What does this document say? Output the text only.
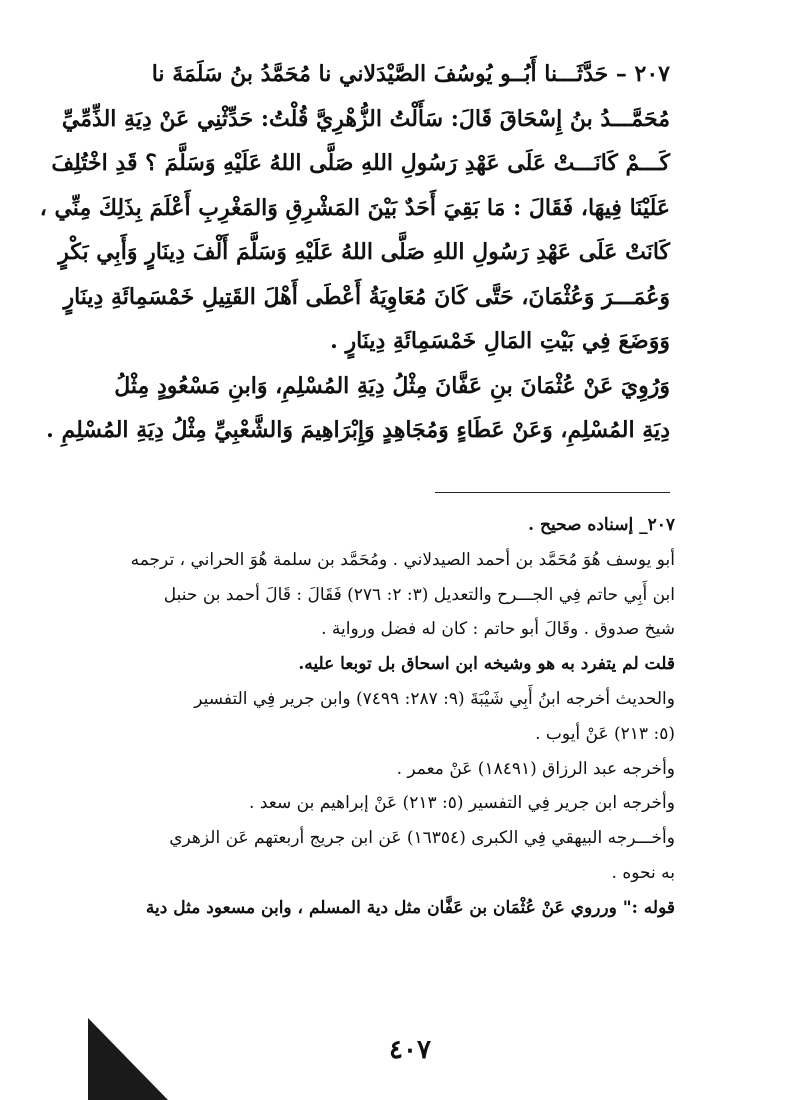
٢٠٧ – حَدَّثَـــنا أَبُــو يُوسُفَ الصَّيْدَلاني نا مُحَمَّدُ بنُ سَلَمَةَ نا
مُحَمَّـــدُ بنُ إِسْحَاقَ قَالَ: سَأَلْتُ الزُّهْرِيَّ قُلْتُ: حَدِّثْنِي عَنْ دِيَةِ الذِّمِّيِّ
كَـــمْ كَانَـــتْ عَلَى عَهْدِ رَسُولِ اللهِ صَلَّى اللهُ عَلَيْهِ وَسَلَّمَ ؟ قَدِ اخْتُلِفَ
عَلَيْنَا فِيهَا، فَقَالَ : مَا بَقِيَ أَحَدٌ بَيْنَ المَشْرِقِ وَالمَغْرِبِ أَعْلَمَ بِذَلِكَ مِنِّي ،
كَانَتْ عَلَى عَهْدِ رَسُولِ اللهِ صَلَّى اللهُ عَلَيْهِ وَسَلَّمَ أَلْفَ دِينَارٍ وَأَبِي بَكْرٍ
وَعُمَـــرَ وَعُثْمَانَ، حَتَّى كَانَ مُعَاوِيَةُ أَعْطَى أَهْلَ القَتِيلِ خَمْسَمِائَةِ دِينَارٍ
وَوَضَعَ فِي بَيْتِ المَالِ خَمْسَمِائَةِ دِينَارٍ .
وَرُوِيَ عَنْ عُثْمَانَ بنِ عَفَّانَ مِثْلُ دِيَةِ المُسْلِمِ، وَابنِ مَسْعُودٍ مِثْلُ
دِيَةِ المُسْلِمِ، وَعَنْ عَطَاءٍ وَمُجَاهِدٍ وَإِبْرَاهِيمَ وَالشَّعْبِيِّ مِثْلُ دِيَةِ المُسْلِمِ .
٢٠٧_ إسناده صحيح .
أبو يوسف هُوَ مُحَمَّد بن أحمد الصيدلاني . ومُحَمَّد بن سلمة هُوَ الحراني ، ترجمه
ابن أَبِي حاتم فِي الجـــرح والتعديل (٣: ٢: ٢٧٦) فَقَالَ : قَالَ أحمد بن حنبل
شيخ صدوق . وقَالَ أبو حاتم : كان له فضل ورواية .
قلت لم يتفرد به هو وشيخه ابن اسحاق بل توبعا عليه.
والحديث أخرجه ابنُ أَبِي شَيْبَةَ (٩: ٢٨٧: ٧٤٩٩) وابن جرير فِي التفسير
(٥: ٢١٣) عَنْ أيوب .
وأخرجه عبد الرزاق (١٨٤٩١) عَنْ معمر .
وأخرجه ابن جرير فِي التفسير (٥: ٢١٣) عَنْ إبراهيم بن سعد .
وأخـــرجه البيهقي فِي الكبرى (١٦٣٥٤) عَن ابن جريج أربعتهم عَن الزهري
به نحوه .
قوله :" ورروي عَنْ عُثْمَان بن عَفَّان مثل دية المسلم ، وابن مسعود مثل دية
٤٠٧
